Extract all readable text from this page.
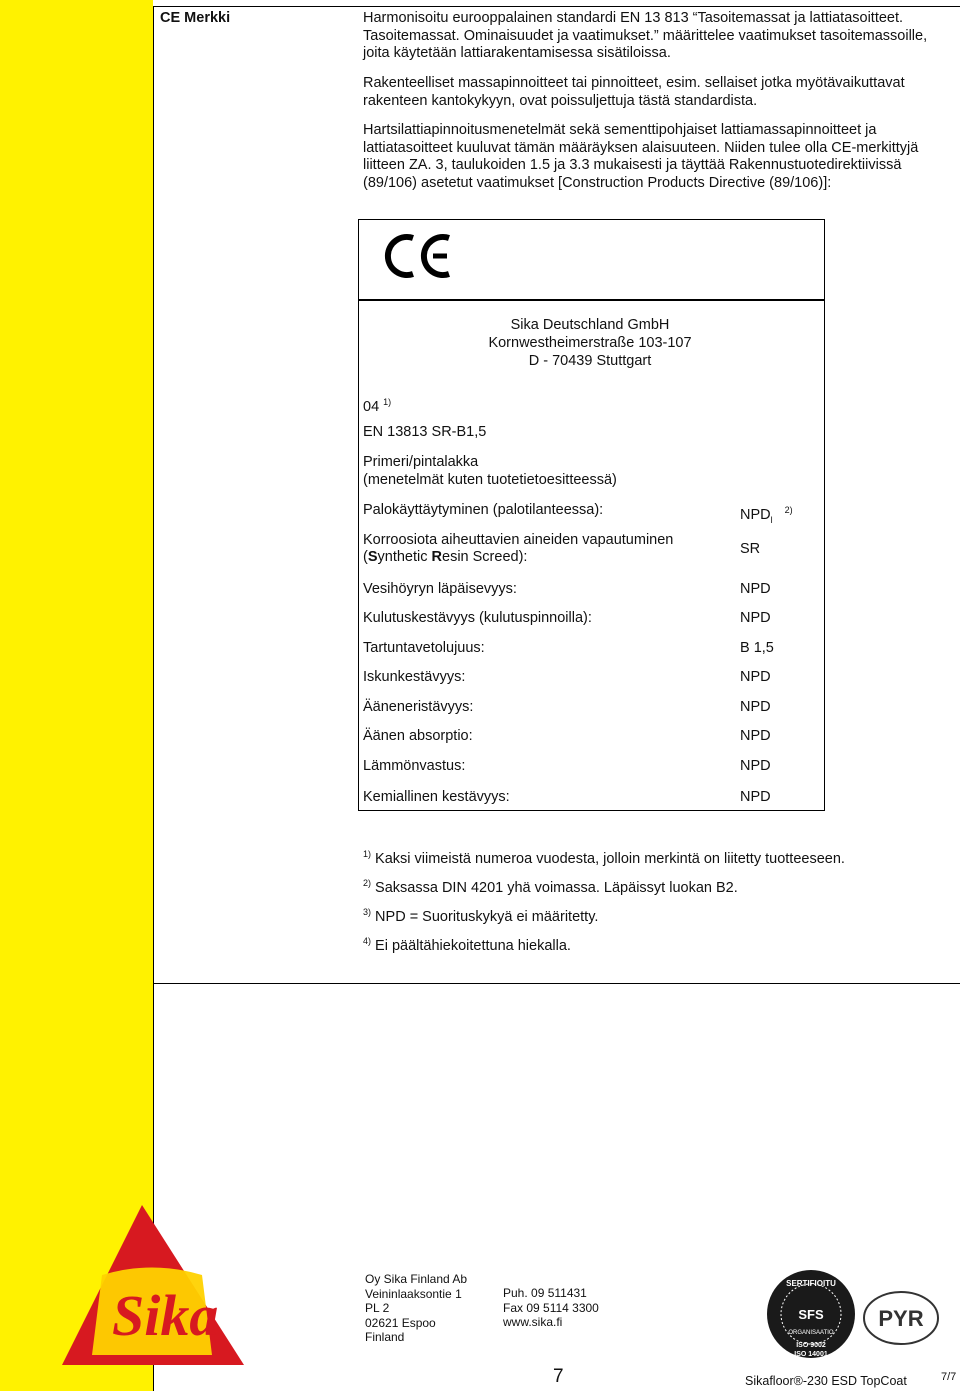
Construction
CE Merkki	Harmonisoitu eurooppalainen standardi EN 13 813 “Tasoitemassat ja lattiatasoitteet. Tasoitemassat. Ominaisuudet ja vaatimukset.” määrittelee vaatimukset tasoitemassoille, joita käytetään lattiarakentamisessa sisätiloissa.
Rakenteelliset massapinnoitteet tai pinnoitteet, esim. sellaiset jotka myötävaikuttavat rakenteen kantokykyyn, ovat poissuljettuja tästä standardista.
Hartsilattiapinnoitusmenetelmät sekä sementtipohjaiset lattiamassapinnoitteet ja lattiatasoitteet kuuluvat tämän määräyksen alaisuuteen. Niiden tulee olla CE-merkittyjä liitteen ZA. 3, taulukoiden 1.5 ja 3.3 mukaisesti ja täyttää Rakennustuotedirektiivissä (89/106) asetetut vaatimukset [Construction Products Directive (89/106)]:
Sika Deutschland GmbH
Kornwestheimerstraße 103-107
D - 70439 Stuttgart
04 $^{1)}$
EN 13813 SR-B1,5
Primeri/pintalakka
(menetelmät kuten tuotetietoesitteessä)
Palokäyttäytyminen (palotilanteessa):	$NPD_l$ $^{2)}$
Korroosiota aiheuttavien aineiden vapautuminen
(Synthetic Resin Screed):	SR
Vesihöyryn läpäisevyys:	NPD
Kulutuskestävyys (kulutuspinnoilla):	NPD
Tartuntavetolujuus:	B 1,5
Iskunkestävyys:	NPD
Ääneneristävyys:	NPD
Äänen absorptio:	NPD
Lämmönvastus:	NPD
Kemiallinen kestävyys:	NPD
$^{1)}$ Kaksi viimeistä numeroa vuodesta, jolloin merkintä on liitetty tuotteeseen.
$^{2)}$ Saksassa DIN 4201 yhä voimassa. Läpäissyt luokan B2.
$^{3)}$ NPD = Suorituskykyä ei määritetty.
$^{4)}$ Ei päältähiekoitettuna hiekalla.
Sika ®
Oy Sika Finland Ab
Veininlaaksontie 1
PL 2
02621 Espoo
Finland
Puh. 09 511431
Fax 09 5114 3300
www.sika.fi
SERTIFIOITU
SFS
ORGANISAATIO
ISO 9002
ISO 14001
PYR
7	Sikafloor®-230 ESD TopCoat	7/7
